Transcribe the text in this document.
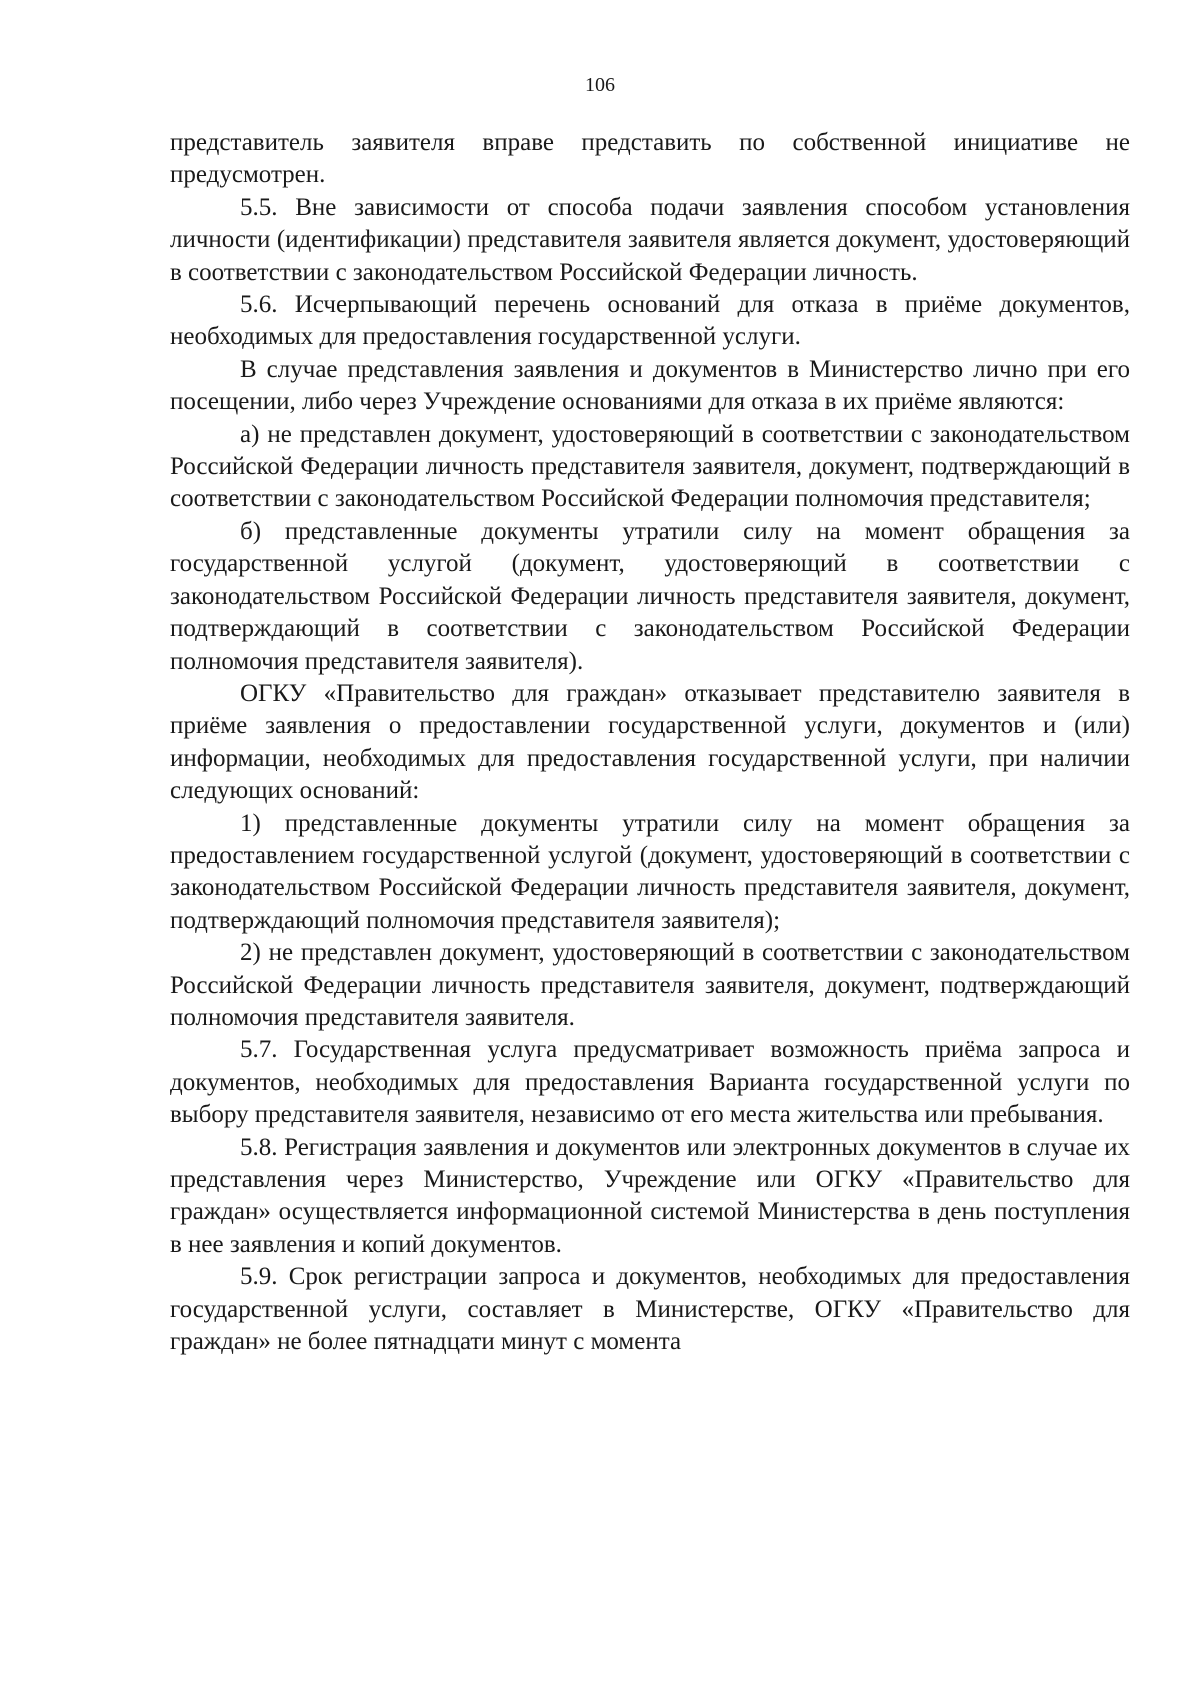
106

представитель заявителя вправе представить по собственной инициативе не предусмотрен.

5.5. Вне зависимости от способа подачи заявления способом установления личности (идентификации) представителя заявителя является документ, удостоверяющий в соответствии с законодательством Российской Федерации личность.

5.6. Исчерпывающий перечень оснований для отказа в приёме документов, необходимых для предоставления государственной услуги.

В случае представления заявления и документов в Министерство лично при его посещении, либо через Учреждение основаниями для отказа в их приёме являются:

а) не представлен документ, удостоверяющий в соответствии с законодательством Российской Федерации личность представителя заявителя, документ, подтверждающий в соответствии с законодательством Российской Федерации полномочия представителя;

б) представленные документы утратили силу на момент обращения за государственной услугой (документ, удостоверяющий в соответствии с законодательством Российской Федерации личность представителя заявителя, документ, подтверждающий в соответствии с законодательством Российской Федерации полномочия представителя заявителя).

ОГКУ «Правительство для граждан» отказывает представителю заявителя в приёме заявления о предоставлении государственной услуги, документов и (или) информации, необходимых для предоставления государственной услуги, при наличии следующих оснований:

1) представленные документы утратили силу на момент обращения за предоставлением государственной услугой (документ, удостоверяющий в соответствии с законодательством Российской Федерации личность представителя заявителя, документ, подтверждающий полномочия представителя заявителя);

2) не представлен документ, удостоверяющий в соответствии с законодательством Российской Федерации личность представителя заявителя, документ, подтверждающий полномочия представителя заявителя.

5.7. Государственная услуга предусматривает возможность приёма запроса и документов, необходимых для предоставления Варианта государственной услуги по выбору представителя заявителя, независимо от его места жительства или пребывания.

5.8. Регистрация заявления и документов или электронных документов в случае их представления через Министерство, Учреждение или ОГКУ «Правительство для граждан» осуществляется информационной системой Министерства в день поступления в нее заявления и копий документов.

5.9. Срок регистрации запроса и документов, необходимых для предоставления государственной услуги, составляет в Министерстве, ОГКУ «Правительство для граждан» не более пятнадцати минут с момента
